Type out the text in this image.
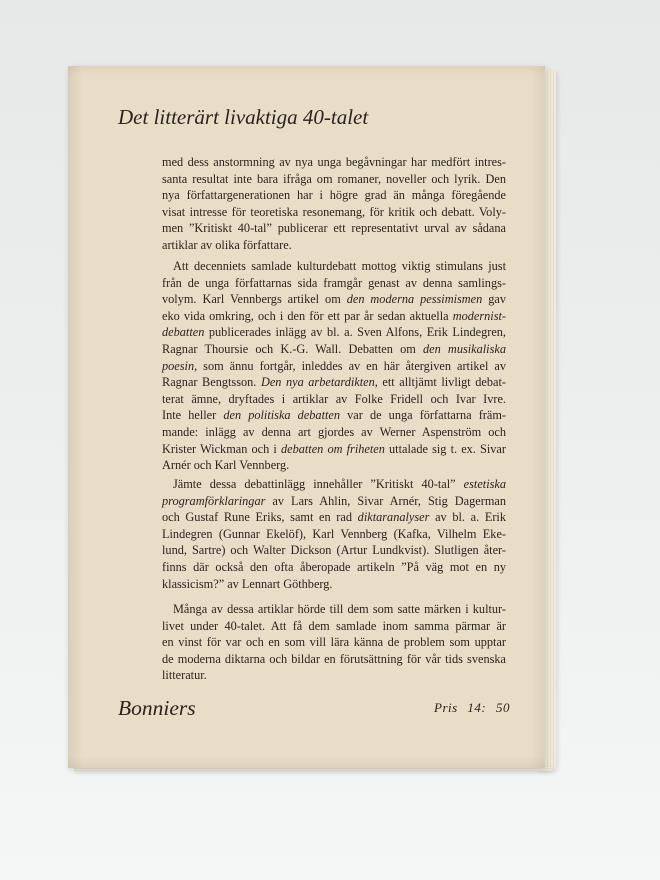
Det litterärt livaktiga 40-talet
med dess anstormning av nya unga begåvningar har medfört intres-
santa resultat inte bara ifråga om romaner, noveller och lyrik. Den
nya författargenerationen har i högre grad än många föregående
visat intresse för teoretiska resonemang, för kritik och debatt. Voly-
men ”Kritiskt 40-tal” publicerar ett representativt urval av sådana
artiklar av olika författare.
Att decenniets samlade kulturdebatt mottog viktig stimulans just
från de unga författarnas sida framgår genast av denna samlings-
volym. Karl Vennbergs artikel om den moderna pessimismen gav
eko vida omkring, och i den för ett par år sedan aktuella modernist-
debatten publicerades inlägg av bl. a. Sven Alfons, Erik Lindegren,
Ragnar Thoursie och K.-G. Wall. Debatten om den musikaliska
poesin, som ännu fortgår, inleddes av en här återgiven artikel av
Ragnar Bengtsson. Den nya arbetardikten, ett alltjämt livligt debat-
terat ämne, dryftades i artiklar av Folke Fridell och Ivar Ivre.
Inte heller den politiska debatten var de unga författarna främ-
mande: inlägg av denna art gjordes av Werner Aspenström och
Krister Wickman och i debatten om friheten uttalade sig t. ex. Sivar
Arnér och Karl Vennberg.
Jämte dessa debattinlägg innehåller ”Kritiskt 40-tal” estetiska
programförklaringar av Lars Ahlin, Sivar Arnér, Stig Dagerman
och Gustaf Rune Eriks, samt en rad diktaranalyser av bl. a. Erik
Lindegren (Gunnar Ekelöf), Karl Vennberg (Kafka, Vilhelm Eke-
lund, Sartre) och Walter Dickson (Artur Lundkvist). Slutligen åter-
finns där också den ofta åberopade artikeln ”På väg mot en ny
klassicism?” av Lennart Göthberg.
Många av dessa artiklar hörde till dem som satte märken i kultur-
livet under 40-talet. Att få dem samlade inom samma pärmar är
en vinst för var och en som vill lära känna de problem som upptar
de moderna diktarna och bildar en förutsättning för vår tids svenska
litteratur.
Bonniers	Pris 14: 50
